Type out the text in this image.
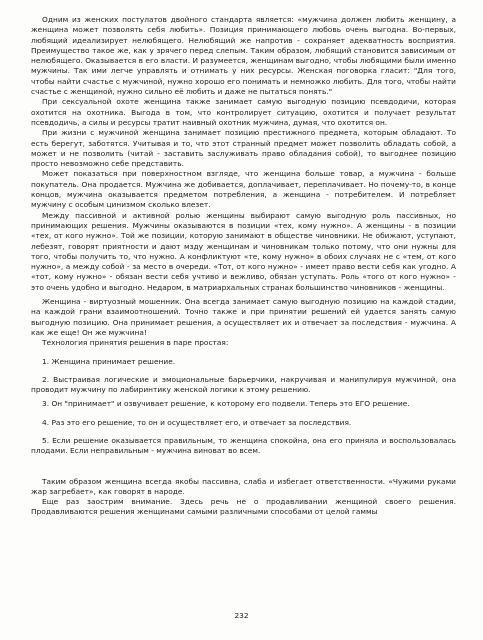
Одним из женских постулатов двойного стандарта является: «мужчина должен любить женщину, а женщина может позволять себя любить». Позиция принимающего любовь очень выгодна. Во-первых, любящий идеализирует нелюбящего. Нелюбящий же напротив - сохраняет адекватность восприятия. Преимущество такое же, как у зрячего перед слепым. Таким образом, любящий становится зависимым от нелюбящего. Оказывается в его власти. И разумеется, женщинам выгодно, чтобы любящими были именно мужчины. Так ими легче управлять и отнимать у них ресурсы. Женская поговорка гласит: "Для того, чтобы найти счастье с мужчиной, нужно хорошо его понимать и немножко любить. Для того, чтобы найти счастье с женщиной, нужно сильно её любить и даже не пытаться понять."

При сексуальной охоте женщина также занимает самую выгодную позицию псевдодичи, которая охотится на охотника. Выгода в том, что контролирует ситуацию, охотится и получает результат псевдодичь, а силы и ресурсы тратит наивный охотник мужчина, думая, что охотится он.

При жизни с мужчиной женщина занимает позицию престижного предмета, которым обладают. То есть берегут, заботятся. Учитывая и то, что этот странный предмет может позволить обладать собой, а может и не позволить (читай - заставить заслуживать право обладания собой), то выгоднее позицию просто невозможно себе представить.

Может показаться при поверхностном взгляде, что женщина больше товар, а мужчина - больше покупатель. Она продается. Мужчина же добивается, доплачивает, переплачивает. Но почему-то, в конце концов, мужчина оказывается предметом потребления, а женщина - потребителем. И потребляет мужчину с особым цинизмом сколько влезет.

Между пассивной и активной ролью женщины выбирают самую выгодную роль пассивных, но принимающих решения. Мужчины оказываются в позиции «тех, кому нужно». А женщины - в позиции «тех, от кого нужно». Той же позиции, которую занимают в обществе чиновники. Не обижают, уступают, лебезят, говорят приятности и дают мзду женщинам и чиновникам только потому, что они нужны для того, чтобы получить то, что нужно. А конфликтуют «те, кому нужно» в обоих случаях не с «тем, от кого нужно», а между собой - за место в очереди. «Тот, от кого нужно» - имеет право вести себя как угодно. А «тот, кому нужно» - обязан вести себя учтиво и вежливо, обязан уступать. Роль «того от кого нужно» - это очень удобно и выгодно. Недаром, в матриархальных странах большинство чиновников - женщины.

Женщина - виртуозный мошенник. Она всегда занимает самую выгодную позицию на каждой стадии, на каждой грани взаимоотношений. Точно также и при принятии решений ей удается занять самую выгодную позицию. Она принимает решения, а осуществляет их и отвечает за последствия - мужчина. А как же еще! Он же мужчина!

Технология принятия решения в паре простая:

1. Женщина принимает решение.

2. Выстраивая логические и эмоциональные барьерчики, накручивая и манипулируя мужчиной, она проводит мужчину по лабиринтику женской логики к этому решению.

3. Он "принимает" и озвучивает решение, к которому его подвели. Теперь это ЕГО решение.

4. Раз это его решение, то он и осуществляет его, и отвечает за последствия.

5. Если решение оказывается правильным, то женщина спокойна, она его приняла и воспользовалась плодами. Если неправильным - мужчина виноват во всем.

Таким образом женщина всегда якобы пассивна, слаба и избегает ответственности. «Чужими руками жар загребает», как говорят в народе.

Еще раз заострим внимание. Здесь речь не о продавливании женщиной своего решения. Продавливаются решения женщинами самыми различными способами от целой гаммы

232
